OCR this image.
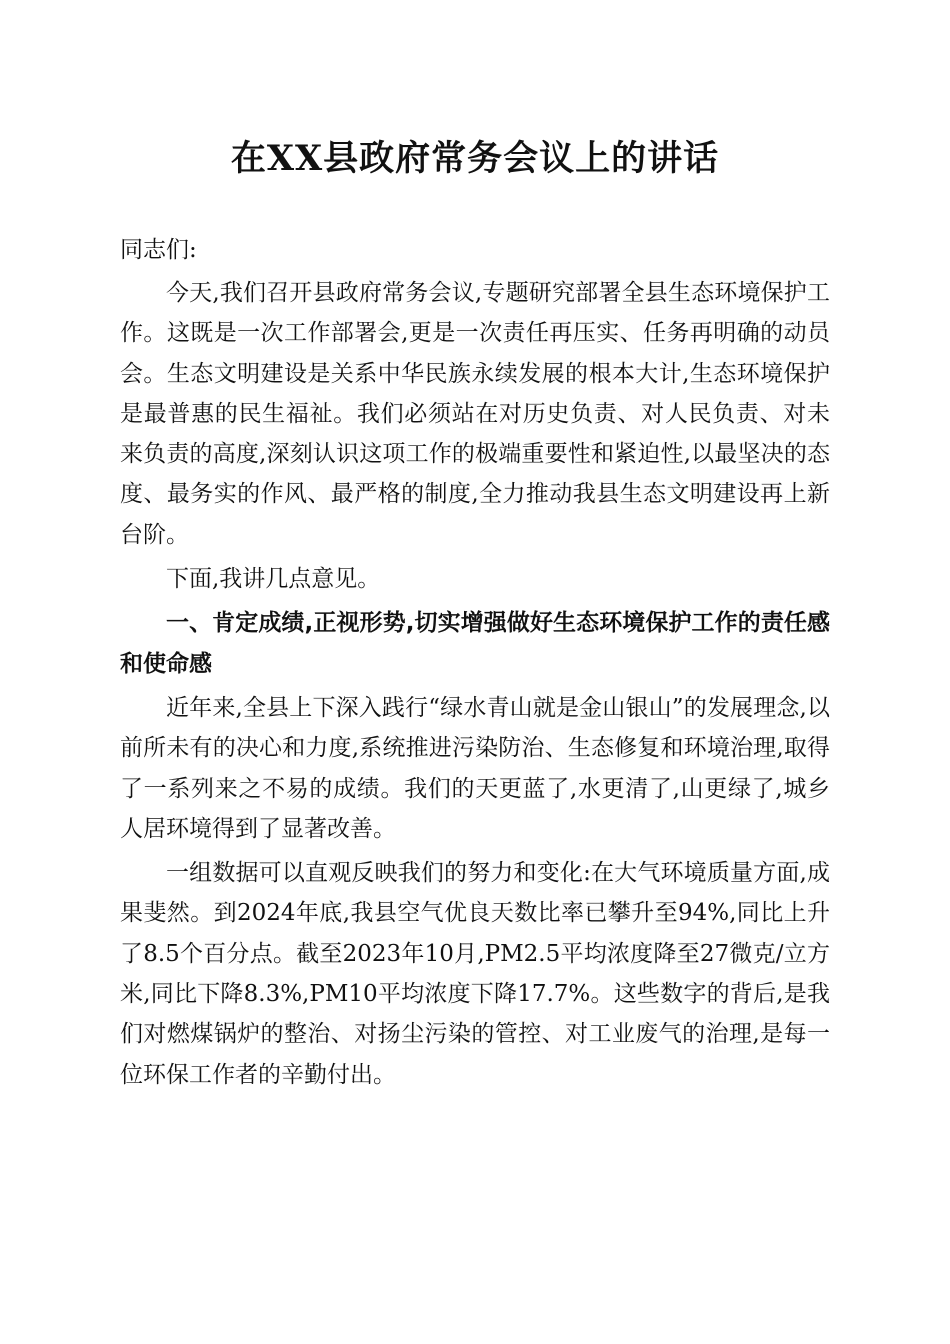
在XX县政府常务会议上的讲话

同志们:

今天,我们召开县政府常务会议,专题研究部署全县生态环境保护工作。这既是一次工作部署会,更是一次责任再压实、任务再明确的动员会。生态文明建设是关系中华民族永续发展的根本大计,生态环境保护是最普惠的民生福祉。我们必须站在对历史负责、对人民负责、对未来负责的高度,深刻认识这项工作的极端重要性和紧迫性,以最坚决的态度、最务实的作风、最严格的制度,全力推动我县生态文明建设再上新台阶。

下面,我讲几点意见。

一、肯定成绩,正视形势,切实增强做好生态环境保护工作的责任感和使命感

近年来,全县上下深入践行“绿水青山就是金山银山”的发展理念,以前所未有的决心和力度,系统推进污染防治、生态修复和环境治理,取得了一系列来之不易的成绩。我们的天更蓝了,水更清了,山更绿了,城乡人居环境得到了显著改善。

一组数据可以直观反映我们的努力和变化:在大气环境质量方面,成果斐然。到2024年底,我县空气优良天数比率已攀升至94%,同比上升了8.5个百分点。截至2023年10月,PM2.5平均浓度降至27微克/立方米,同比下降8.3%,PM10平均浓度下降17.7%。这些数字的背后,是我们对燃煤锅炉的整治、对扬尘污染的管控、对工业废气的治理,是每一位环保工作者的辛勤付出。
